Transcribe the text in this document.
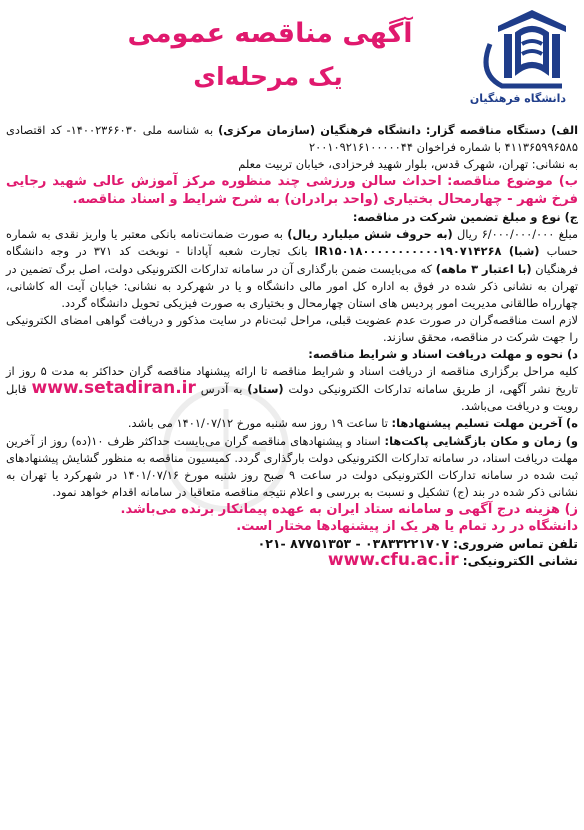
آگهی مناقصه عمومی
یک مرحله‌ای
دانشگاه فرهنگیان

الف) دستگاه مناقصه گزار: دانشگاه فرهنگیان (سازمان مرکزی) به شناسه ملی ۱۴۰۰۲۳۶۶۰۳۰- کد اقتصادی ۴۱۱۳۶۵۹۹۶۵۸۵ با شماره فراخوان ۲۰۰۱۰۹۲۱۶۱۰۰۰۰۰۴۴

به نشانی: تهران، شهرک قدس، بلوار شهید فرحزادی، خیابان تربیت معلم

ب) موضوع مناقصه: احداث سالن ورزشی چند منظوره مرکز آموزش عالی شهید رجایی فرخ شهر - چهارمحال بختیاری (واحد برادران) به شرح شرایط و اسناد مناقصه.

ج) نوع و مبلغ تضمین شرکت در مناقصه:

مبلغ ۶/۰۰۰/۰۰۰/۰۰۰ ریال (به حروف شش میلیارد ریال) به صورت ضمانت‌نامه بانکی معتبر یا واریز نقدی به شماره حساب (شبا) IR۱۵۰۱۸۰۰۰۰۰۰۰۰۰۰۰۱۹۰۷۱۴۲۶۸ بانک تجارت شعبه آپادانا - نوبخت کد ۳۷۱ در وجه دانشگاه فرهنگیان (با اعتبار ۳ ماهه) که می‌بایست ضمن بارگذاری آن در سامانه تدارکات الکترونیکی دولت، اصل برگ تضمین در تهران به نشانی ذکر شده در فوق به اداره کل امور مالی دانشگاه و یا در شهرکرد به نشانی: خیابان آیت اله کاشانی، چهارراه طالقانی مدیریت امور پردیس های استان چهارمحال و بختیاری به صورت فیزیکی تحویل دانشگاه گردد.

لازم است مناقصه‌گران در صورت عدم عضویت قبلی، مراحل ثبت‌نام در سایت مذکور و دریافت گواهی امضای الکترونیکی را جهت شرکت در مناقصه، محقق سازند.

د) نحوه و مهلت دریافت اسناد و شرایط مناقصه:

کلیه مراحل برگزاری مناقصه از دریافت اسناد و شرایط مناقصه تا ارائه پیشنهاد مناقصه گران حداکثر به مدت ۵ روز از تاریخ نشر آگهی، از طریق سامانه تدارکات الکترونیکی دولت (ستاد) به آدرس www.setadiran.ir قابل رویت و دریافت می‌باشد.

ه) آخرین مهلت تسلیم پیشنهادها: تا ساعت ۱۹ روز سه شنبه مورخ ۱۴۰۱/۰۷/۱۲ می باشد.

و) زمان و مکان بازگشایی پاکت‌ها: اسناد و پیشنهادهای مناقصه گران می‌بایست حداکثر ظرف ۱۰(ده) روز از آخرین مهلت دریافت اسناد، در سامانه تدارکات الکترونیکی دولت بارگذاری گردد. کمیسیون مناقصه به منظور گشایش پیشنهادهای ثبت شده در سامانه تدارکات الکترونیکی دولت در ساعت ۹ صبح روز شنبه مورخ ۱۴۰۱/۰۷/۱۶ در شهرکرد یا تهران به نشانی ذکر شده در بند (ج) تشکیل و نسبت به بررسی و اعلام نتیجه مناقصه متعاقبا در سامانه اقدام خواهد نمود.

ز) هزینه درج آگهی و سامانه ستاد ایران به عهده پیمانکار برنده می‌باشد.

دانشگاه در رد تمام یا هر یک از پیشنهادها مختار است.

تلفن تماس ضروری: ۰۳۸۳۳۲۲۱۷۰۷ - ۸۷۷۵۱۳۵۳ -۰۲۱

نشانی الکترونیکی: www.cfu.ac.ir
